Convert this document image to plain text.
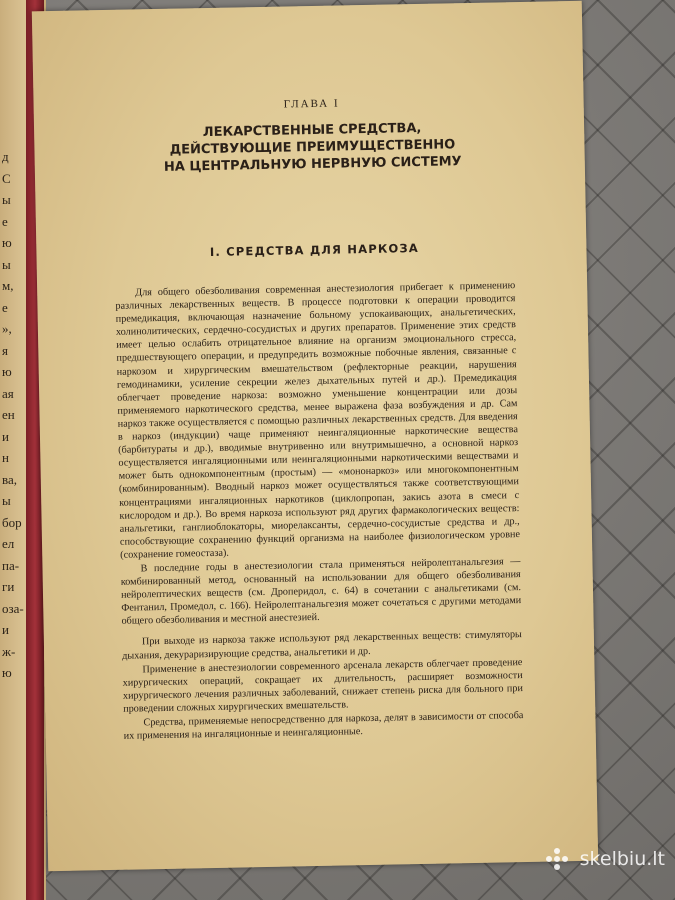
д
С
ы
е
ю
ы
м,
е
»,
я
ю
ая
ен
и
н
ва,
ы
бор
ел
па-
ги
оза-
и
ж-
ю
ГЛАВА I
ЛЕКАРСТВЕННЫЕ СРЕДСТВА,
ДЕЙСТВУЮЩИЕ ПРЕИМУЩЕСТВЕННО
НА ЦЕНТРАЛЬНУЮ НЕРВНУЮ СИСТЕМУ
I. СРЕДСТВА ДЛЯ НАРКОЗА

Для общего обезболивания современная анестезиология прибегает к применению различных лекарственных веществ. В процессе подготовки к операции проводится премедикация, включающая назначение больному успокаивающих, анальгетических, холинолитических, сердечно-сосудистых и других препаратов. Применение этих средств имеет целью ослабить отрицательное влияние на организм эмоционального стресса, предшествующего операции, и предупредить возможные побочные явления, связанные с наркозом и хирургическим вмешательством (рефлекторные реакции, нарушения гемодинамики, усиление секреции желез дыхательных путей и др.). Премедикация облегчает проведение наркоза: возможно уменьшение концентрации или дозы применяемого наркотического средства, менее выражена фаза возбуждения и др. Сам наркоз также осуществляется с помощью различных лекарственных средств. Для введения в наркоз (индукции) чаще применяют неингаляционные наркотические вещества (барбитураты и др.), вводимые внутривенно или внутримышечно, а основной наркоз осуществляется ингаляционными или неингаляционными наркотическими веществами и может быть однокомпонентным (простым) — «мононаркоз» или многокомпонентным (комбинированным). Вводный наркоз может осуществляться также соответствующими концентрациями ингаляционных наркотиков (циклопропан, закись азота в смеси с кислородом и др.). Во время наркоза используют ряд других фармакологических веществ: анальгетики, ганглиоблокаторы, миорелаксанты, сердечно-сосудистые средства и др., способствующие сохранению функций организма на наиболее физиологическом уровне (сохранение гомеостаза).

В последние годы в анестезиологии стала применяться нейролептанальгезия — комбинированный метод, основанный на использовании для общего обезболивания нейролептических веществ (см. Дроперидол, с. 64) в сочетании с анальгетиками (см. Фентанил, Промедол, с. 166). Нейролептанальгезия может сочетаться с другими методами общего обезболивания и местной анестезией.

При выходе из наркоза также используют ряд лекарственных веществ: стимуляторы дыхания, декураризирующие средства, анальгетики и др.

Применение в анестезиологии современного арсенала лекарств облегчает проведение хирургических операций, сокращает их длительность, расширяет возможности хирургического лечения различных заболеваний, снижает степень риска для больного при проведении сложных хирургических вмешательств.

Средства, применяемые непосредственно для наркоза, делят в зависимости от способа их применения на ингаляционные и неингаляционные.

skelbiu.lt
